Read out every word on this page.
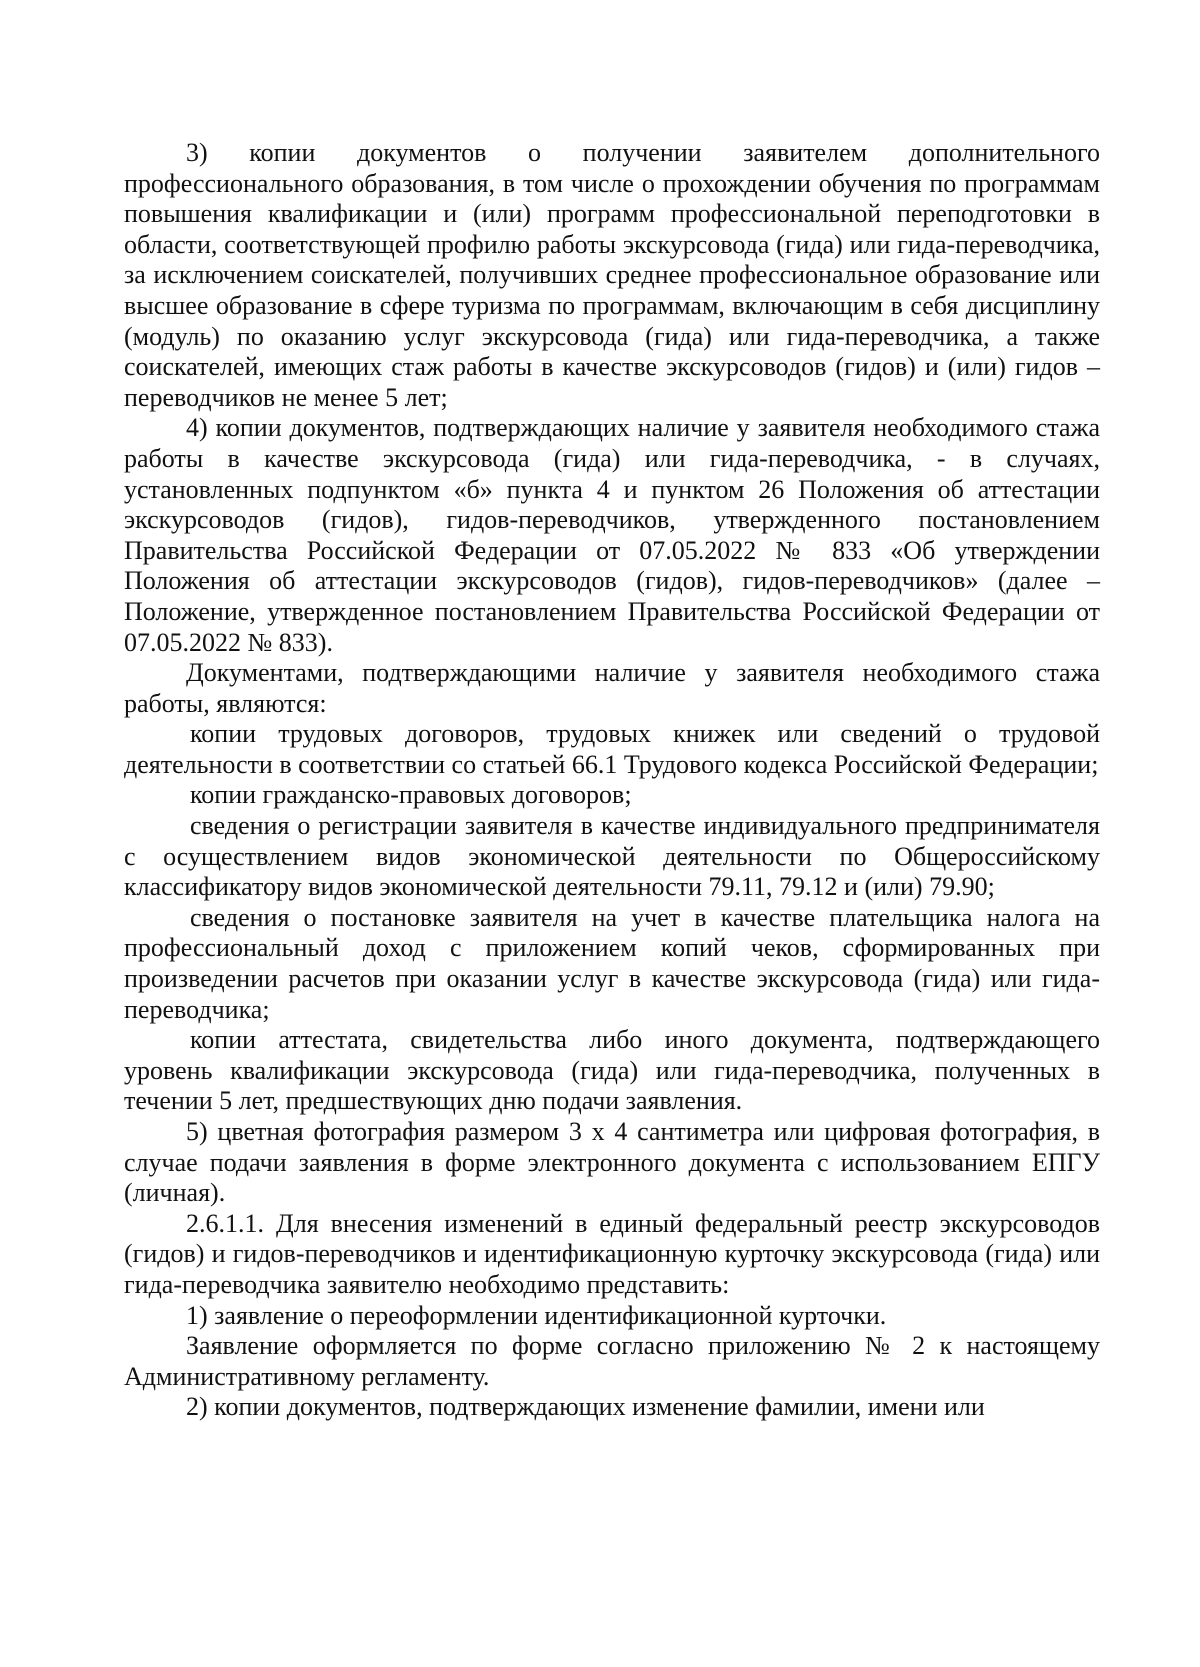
3) копии документов о получении заявителем дополнительного профессионального образования, в том числе о прохождении обучения по программам повышения квалификации и (или) программ профессиональной переподготовки в области, соответствующей профилю работы экскурсовода (гида) или гида-переводчика, за исключением соискателей, получивших среднее профессиональное образование или высшее образование в сфере туризма по программам, включающим в себя дисциплину (модуль) по оказанию услуг экскурсовода (гида) или гида-переводчика, а также соискателей, имеющих стаж работы в качестве экскурсоводов (гидов) и (или) гидов – переводчиков не менее 5 лет;

4) копии документов, подтверждающих наличие у заявителя необходимого стажа работы в качестве экскурсовода (гида) или гида-переводчика, - в случаях, установленных подпунктом «б» пункта 4 и пунктом 26 Положения об аттестации экскурсоводов (гидов), гидов-переводчиков, утвержденного постановлением Правительства Российской Федерации от 07.05.2022 № 833 «Об утверждении Положения об аттестации экскурсоводов (гидов), гидов-переводчиков» (далее – Положение, утвержденное постановлением Правительства Российской Федерации от 07.05.2022 № 833).

Документами, подтверждающими наличие у заявителя необходимого стажа работы, являются:

копии трудовых договоров, трудовых книжек или сведений о трудовой деятельности в соответствии со статьей 66.1 Трудового кодекса Российской Федерации;

копии гражданско-правовых договоров;

сведения о регистрации заявителя в качестве индивидуального предпринимателя с осуществлением видов экономической деятельности по Общероссийскому классификатору видов экономической деятельности 79.11, 79.12 и (или) 79.90;

сведения о постановке заявителя на учет в качестве плательщика налога на профессиональный доход с приложением копий чеков, сформированных при произведении расчетов при оказании услуг в качестве экскурсовода (гида) или гида-переводчика;

копии аттестата, свидетельства либо иного документа, подтверждающего уровень квалификации экскурсовода (гида) или гида-переводчика, полученных в течении 5 лет, предшествующих дню подачи заявления.

5) цветная фотография размером 3 x 4 сантиметра или цифровая фотография, в случае подачи заявления в форме электронного документа с использованием ЕПГУ (личная).

2.6.1.1. Для внесения изменений в единый федеральный реестр экскурсоводов (гидов) и гидов-переводчиков и идентификационную курточку экскурсовода (гида) или гида-переводчика заявителю необходимо представить:

1) заявление о переоформлении идентификационной курточки.

Заявление оформляется по форме согласно приложению № 2 к настоящему Административному регламенту.

2) копии документов, подтверждающих изменение фамилии, имени или
